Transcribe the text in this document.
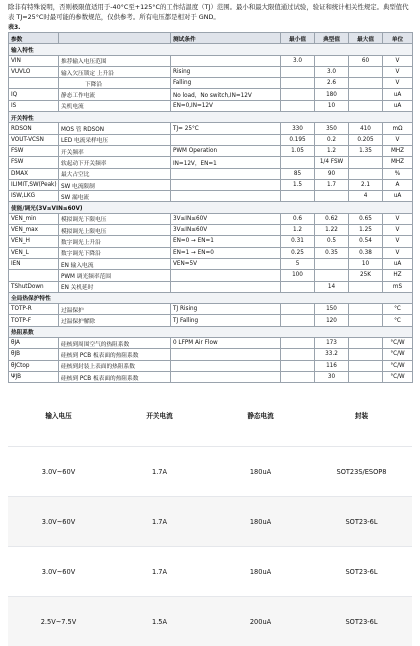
除非有特殊说明，否则极限值适用于-40°C至+125°C的工作结温度（TJ）范围。最小和最大限值通过试验，验证和统计相关性规定。典型值代表 TJ=25°C时最可能的参数规范，仅供参考。所有电压都是相对于 GND。
表3.
参数		测试条件	最小值	典型值	最大值	单位
输入特性						
VIN	推荐输入电压范围		3.0		60	V
VUVLO	输入欠压锁定 上升沿	Rising		3.0		V
	下降沿	Falling		2.6		V
IQ	静态工作电流	No load，No switch,IN=12V		180		uA
IS	关机电流	EN=0,IN=12V		10		uA
开关特性						
RDSON	MOS 管 RDSON	TJ= 25°C	330	350	410	mΩ
VOUT-VCSN	LED 电流采样电压		0.195	0.2	0.205	V
FSW	开关频率	PWM Operation	1.05	1.2	1.35	MHZ
FSW	软起动下开关频率	IN=12V，EN=1		1/4 FSW		MHZ
DMAX	最大占空比		85	90		%
ILIMIT,SW(Peak)	SW 电流限制		1.5	1.7	2.1	A
ISW,LKG	SW 漏电流				4	uA
使能/调光(3V≤VIN≤60V)						
VEN_min	模拟调光下限电压	3V≤IN≤60V	0.6	0.62	0.65	V
VEN_max	模拟调光上限电压	3V≤IN≤60V	1.2	1.22	1.25	V
VEN_H	数字调光上升沿	EN=0 → EN=1	0.31	0.5	0.54	V
VEN_L	数字调光下降沿	EN=1 → EN=0	0.25	0.35	0.38	V
IEN	EN 输入电流	VEN=5V	5		10	uA
	PWM 调光频率范围		100		25K	HZ
TShutDown	EN 关机延时			14		mS
全局热保护特性						
TOTP-R	过温保护	TJ Rising		150		°C
TOTP-F	过温保护解除	TJ Falling		120		°C
热阻系数						
θJA	硅核到周围空气的热阻系数	0 LFPM Air Flow		173		°C/W
θJB	硅核到 PCB 板表面的热阻系数			33.2		°C/W
θJCtop	硅核到封装上表面的热阻系数			116		°C/W
ΨJB	硅核到 PCB 板表面的热阻系数			30		°C/W
输入电压	开关电流	静态电流	封装
3.0V~60V	1.7A	180uA	SOT23S/ESOP8
3.0V~60V	1.7A	180uA	SOT23-6L
3.0V~60V	1.7A	180uA	SOT23-6L
2.5V~7.5V	1.5A	200uA	SOT23-6L
